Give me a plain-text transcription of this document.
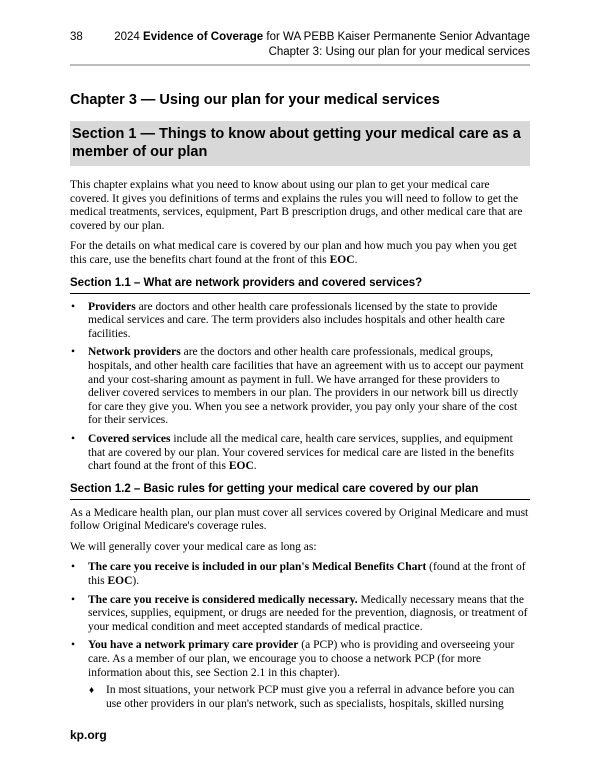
38	2024 Evidence of Coverage for WA PEBB Kaiser Permanente Senior Advantage
Chapter 3: Using our plan for your medical services
Chapter 3 — Using our plan for your medical services
Section 1 — Things to know about getting your medical care as a member of our plan

This chapter explains what you need to know about using our plan to get your medical care covered. It gives you definitions of terms and explains the rules you will need to follow to get the medical treatments, services, equipment, Part B prescription drugs, and other medical care that are covered by our plan.

For the details on what medical care is covered by our plan and how much you pay when you get this care, use the benefits chart found at the front of this EOC.

Section 1.1 – What are network providers and covered services?
• Providers are doctors and other health care professionals licensed by the state to provide medical services and care. The term providers also includes hospitals and other health care facilities.
• Network providers are the doctors and other health care professionals, medical groups, hospitals, and other health care facilities that have an agreement with us to accept our payment and your cost-sharing amount as payment in full. We have arranged for these providers to deliver covered services to members in our plan. The providers in our network bill us directly for care they give you. When you see a network provider, you pay only your share of the cost for their services.
• Covered services include all the medical care, health care services, supplies, and equipment that are covered by our plan. Your covered services for medical care are listed in the benefits chart found at the front of this EOC.
Section 1.2 – Basic rules for getting your medical care covered by our plan

As a Medicare health plan, our plan must cover all services covered by Original Medicare and must follow Original Medicare's coverage rules.

We will generally cover your medical care as long as:

• The care you receive is included in our plan's Medical Benefits Chart (found at the front of this EOC).
• The care you receive is considered medically necessary. Medically necessary means that the services, supplies, equipment, or drugs are needed for the prevention, diagnosis, or treatment of your medical condition and meet accepted standards of medical practice.
• You have a network primary care provider (a PCP) who is providing and overseeing your care. As a member of our plan, we encourage you to choose a network PCP (for more information about this, see Section 2.1 in this chapter).
♦ In most situations, your network PCP must give you a referral in advance before you can use other providers in our plan's network, such as specialists, hospitals, skilled nursing
kp.org
